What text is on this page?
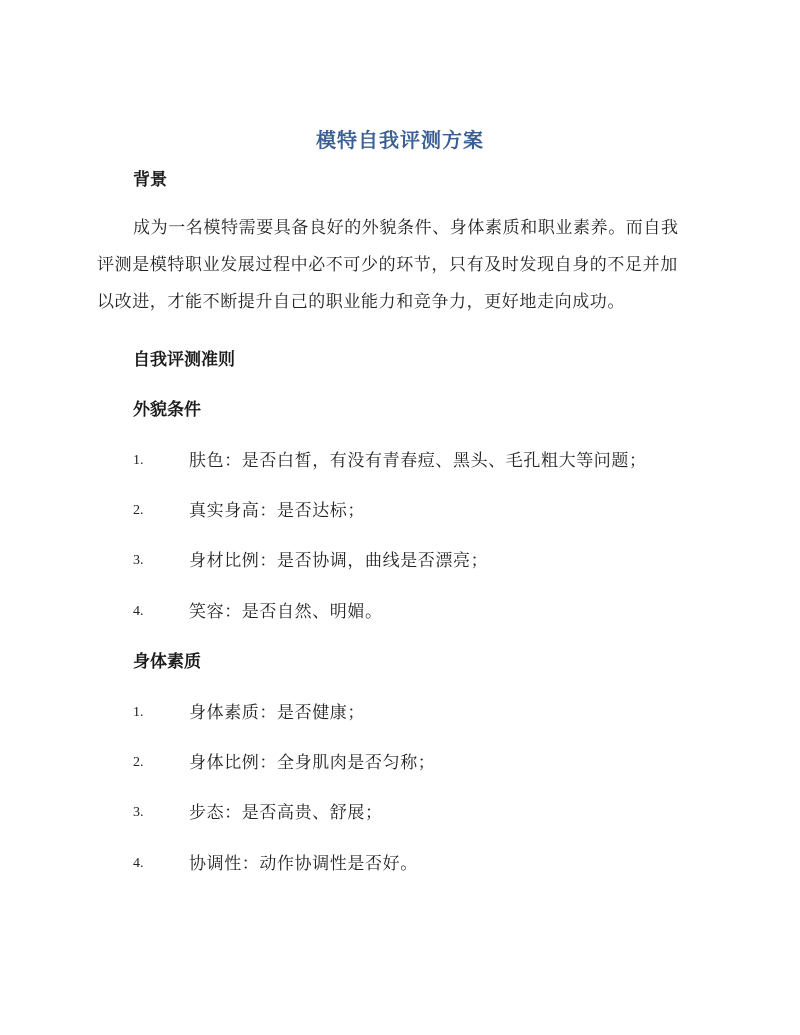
模特自我评测方案
背景
成为一名模特需要具备良好的外貌条件、身体素质和职业素养。而自我
评测是模特职业发展过程中必不可少的环节，只有及时发现自身的不足并加
以改进，才能不断提升自己的职业能力和竞争力，更好地走向成功。
自我评测准则
外貌条件
1.	肤色：是否白皙，有没有青春痘、黑头、毛孔粗大等问题；
2.	真实身高：是否达标；
3.	身材比例：是否协调，曲线是否漂亮；
4.	笑容：是否自然、明媚。
身体素质
1.	身体素质：是否健康；
2.	身体比例：全身肌肉是否匀称；
3.	步态：是否高贵、舒展；
4.	协调性：动作协调性是否好。
